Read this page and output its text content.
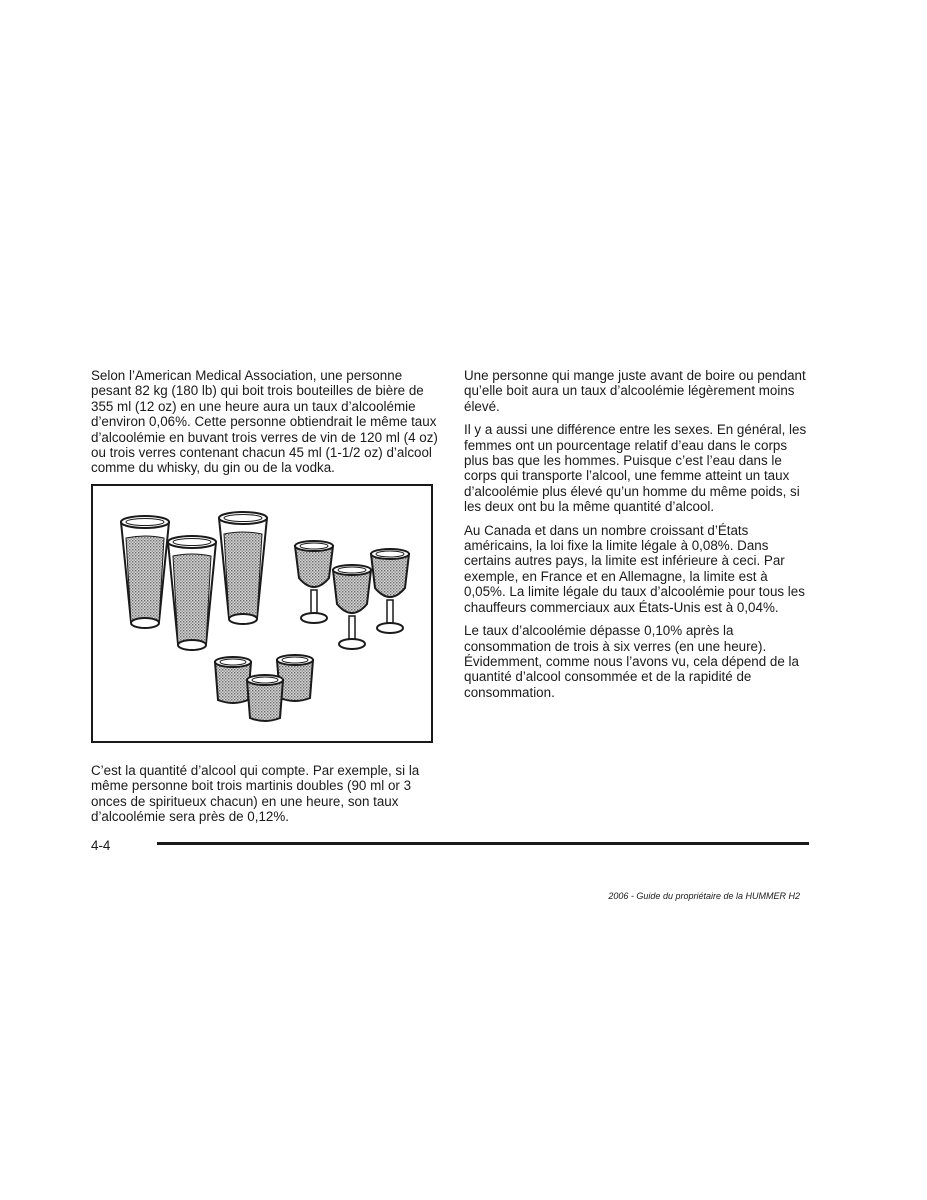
Selon l’American Medical Association, une personne pesant 82 kg (180 lb) qui boit trois bouteilles de bière de 355 ml (12 oz) en une heure aura un taux d’alcoolémie d’environ 0,06%. Cette personne obtiendrait le même taux d’alcoolémie en buvant trois verres de vin de 120 ml (4 oz) ou trois verres contenant chacun 45 ml (1-1/2 oz) d’alcool comme du whisky, du gin ou de la vodka.

C’est la quantité d’alcool qui compte. Par exemple, si la même personne boit trois martinis doubles (90 ml or 3 onces de spiritueux chacun) en une heure, son taux d’alcoolémie sera près de 0,12%.

Une personne qui mange juste avant de boire ou pendant qu’elle boit aura un taux d’alcoolémie légèrement moins élevé.

Il y a aussi une différence entre les sexes. En général, les femmes ont un pourcentage relatif d’eau dans le corps plus bas que les hommes. Puisque c’est l’eau dans le corps qui transporte l’alcool, une femme atteint un taux d’alcoolémie plus élevé qu’un homme du même poids, si les deux ont bu la même quantité d’alcool.

Au Canada et dans un nombre croissant d’États américains, la loi fixe la limite légale à 0,08%. Dans certains autres pays, la limite est inférieure à ceci. Par exemple, en France et en Allemagne, la limite est à 0,05%. La limite légale du taux d’alcoolémie pour tous les chauffeurs commerciaux aux États-Unis est à 0,04%.

Le taux d’alcoolémie dépasse 0,10% après la consommation de trois à six verres (en une heure). Évidemment, comme nous l’avons vu, cela dépend de la quantité d’alcool consommée et de la rapidité de consommation.

4-4
2006 - Guide du propriétaire de la HUMMER H2
